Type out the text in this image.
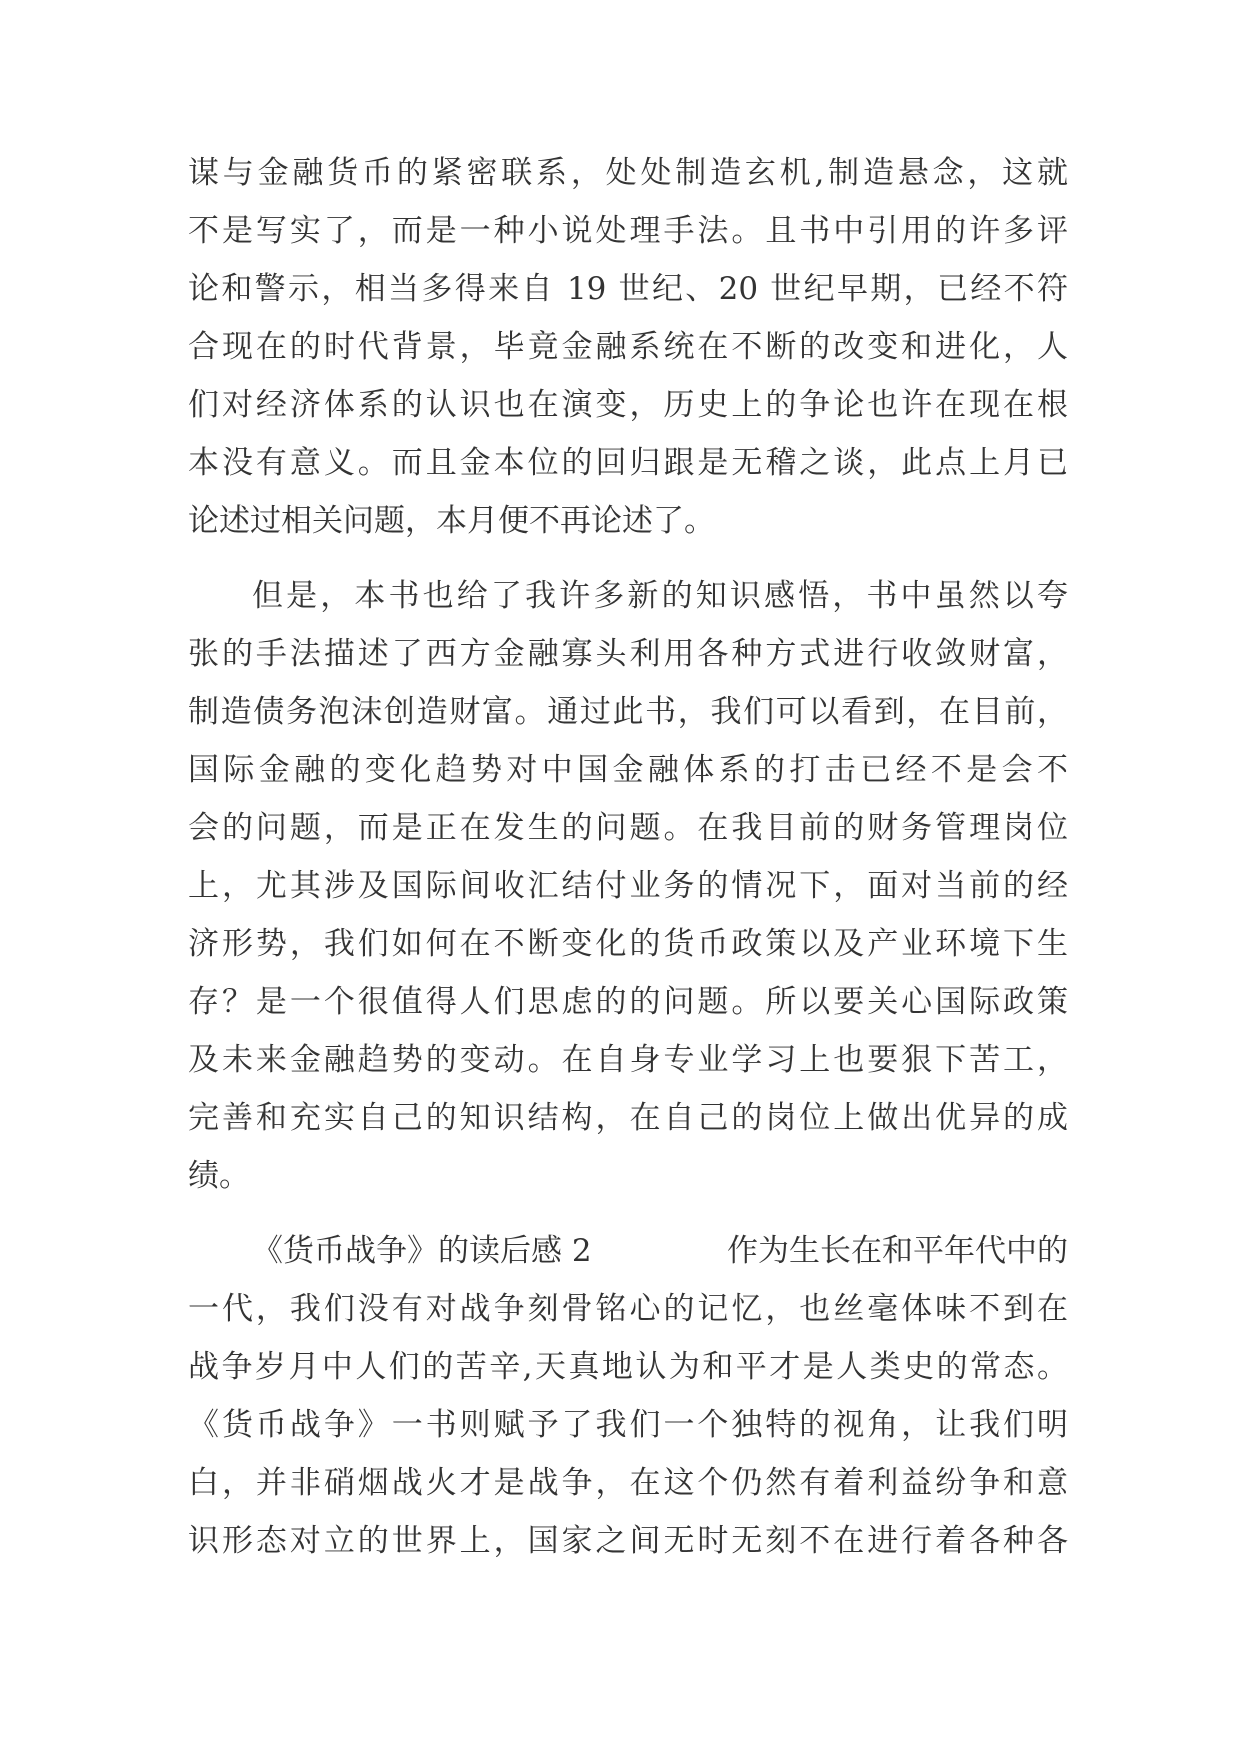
谋与金融货币的紧密联系，处处制造玄机,制造悬念，这就
不是写实了，而是一种小说处理手法。且书中引用的许多评
论和警示，相当多得来自 19 世纪、20 世纪早期，已经不符
合现在的时代背景，毕竟金融系统在不断的改变和进化，人
们对经济体系的认识也在演变，历史上的争论也许在现在根
本没有意义。而且金本位的回归跟是无稽之谈，此点上月已
论述过相关问题，本月便不再论述了。
但是，本书也给了我许多新的知识感悟，书中虽然以夸
张的手法描述了西方金融寡头利用各种方式进行收敛财富，
制造债务泡沫创造财富。通过此书，我们可以看到，在目前，
国际金融的变化趋势对中国金融体系的打击已经不是会不
会的问题，而是正在发生的问题。在我目前的财务管理岗位
上，尤其涉及国际间收汇结付业务的情况下，面对当前的经
济形势，我们如何在不断变化的货币政策以及产业环境下生
存？是一个很值得人们思虑的的问题。所以要关心国际政策
及未来金融趋势的变动。在自身专业学习上也要狠下苦工，
完善和充实自己的知识结构，在自己的岗位上做出优异的成
绩。
《货币战争》的读后感 2	作为生长在和平年代中的
一代，我们没有对战争刻骨铭心的记忆，也丝毫体味不到在
战争岁月中人们的苦辛,天真地认为和平才是人类史的常态。
《货币战争》一书则赋予了我们一个独特的视角，让我们明
白，并非硝烟战火才是战争，在这个仍然有着利益纷争和意
识形态对立的世界上，国家之间无时无刻不在进行着各种各
